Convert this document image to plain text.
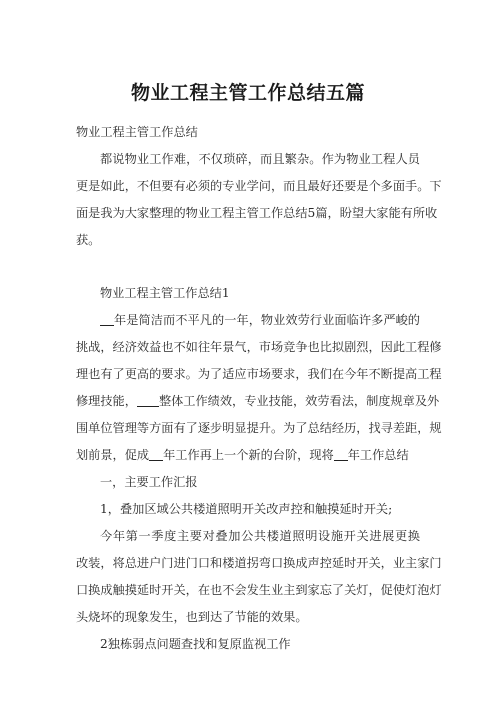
物业工程主管工作总结五篇
物业工程主管工作总结
都说物业工作难，不仅琐碎，而且繁杂。作为物业工程人员
更是如此，不但要有必须的专业学问，而且最好还要是个多面手。下
面是我为大家整理的物业工程主管工作总结5篇，盼望大家能有所收
获。
物业工程主管工作总结1
年是简洁而不平凡的一年，物业效劳行业面临许多严峻的
挑战，经济效益也不如往年景气，市场竞争也比拟剧烈，因此工程修
理也有了更高的要求。为了适应市场要求，我们在今年不断提高工程
修理技能， 整体工作绩效，专业技能，效劳看法，制度规章及外
围单位管理等方面有了逐步明显提升。为了总结经历，找寻差距，规
划前景，促成 年工作再上一个新的台阶，现将 年工作总结
一，主要工作汇报
1，叠加区域公共楼道照明开关改声控和触摸延时开关;
今年第一季度主要对叠加公共楼道照明设施开关进展更换
改装，将总进户门进门口和楼道拐弯口换成声控延时开关，业主家门
口换成触摸延时开关，在也不会发生业主到家忘了关灯，促使灯泡灯
头烧坏的现象发生，也到达了节能的效果。
2独栋弱点问题查找和复原监视工作
